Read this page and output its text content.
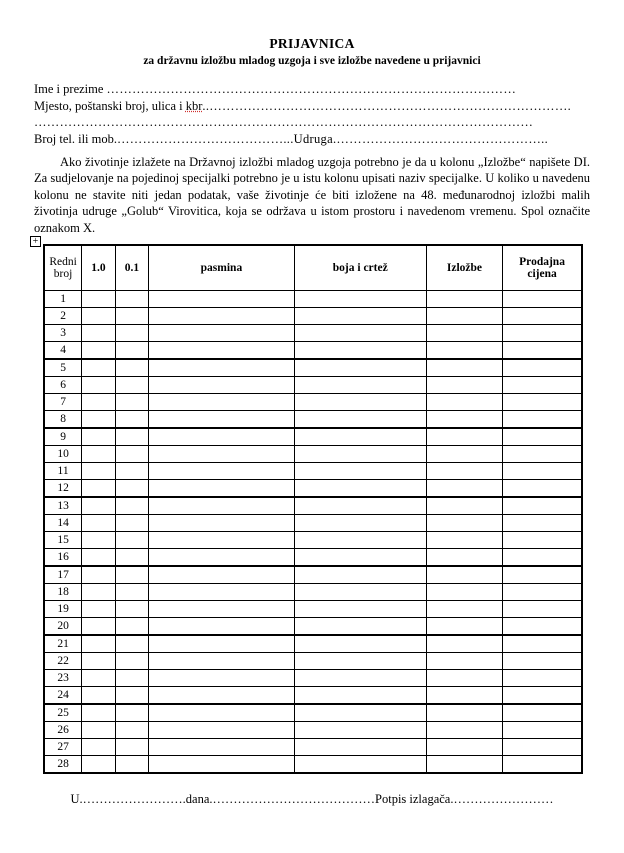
PRIJAVNICA
za državnu izložbu mladog uzgoja i sve izložbe navedene u prijavnici
Ime i prezime ……………………………………………………………………………………
Mjesto, poštanski broj, ulica i kbr..………………………………………………………………………….
………………………………………………………………………………………………………
Broj tel. ili mob.…………………………………...Udruga.…………………………………………..
Ako životinje izlažete na Državnoj izložbi mladog uzgoja potrebno je da u kolonu „Izložbe“ napišete DI. Za sudjelovanje na pojedinoj specijalki potrebno je u istu kolonu upisati naziv specijalke. U koliko u navedenu kolonu ne stavite niti jedan podatak, vaše životinje će biti izložene na 48. međunarodnoj izložbi malih životinja udruge „Golub“ Virovitica, koja se održava u istom prostoru i navedenom vremenu. Spol označite oznakom X.
+
Redni broj	1.0	0.1	pasmina	boja i crtež	Izložbe	Prodajna cijena
1						
2						
3						
4						
5						
6						
7						
8						
9						
10						
11						
12						
13						
14						
15						
16						
17						
18						
19						
20						
21						
22						
23						
24						
25						
26						
27						
28						
U.…………………….dana.…………………………………Potpis izlagača.……………………
